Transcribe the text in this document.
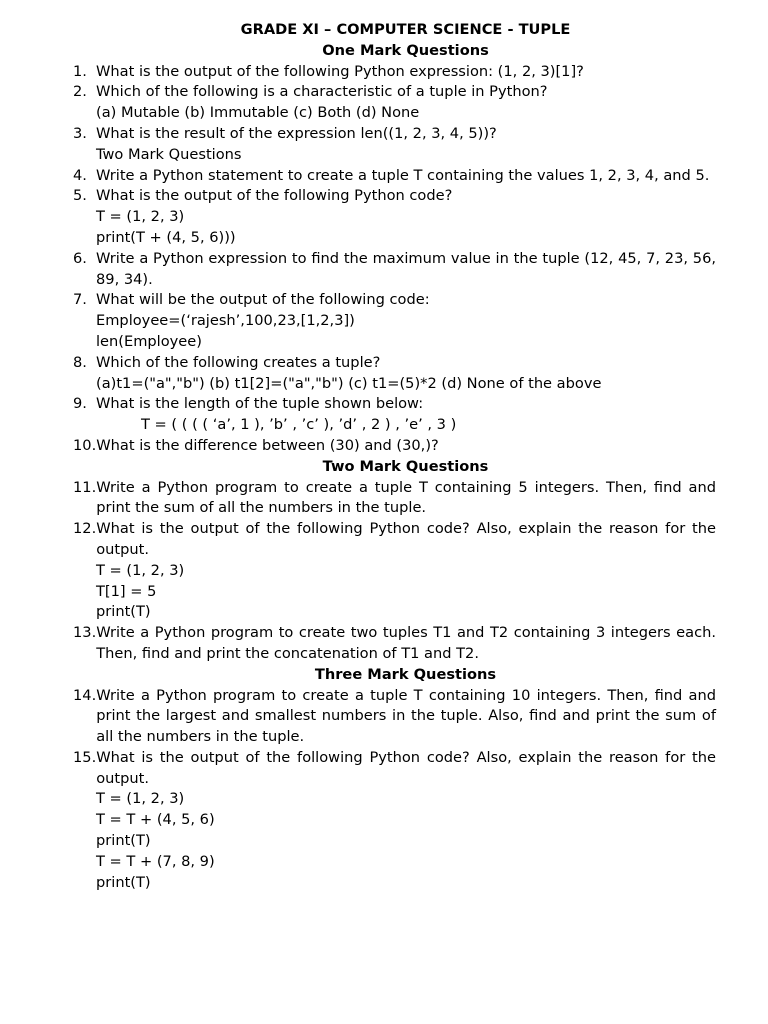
GRADE XI – COMPUTER SCIENCE - TUPLE
One Mark Questions
1. What is the output of the following Python expression: (1, 2, 3)[1]?
2. Which of the following is a characteristic of a tuple in Python?
(a) Mutable (b) Immutable (c) Both (d) None
3. What is the result of the expression len((1, 2, 3, 4, 5))?
Two Mark Questions
4. Write a Python statement to create a tuple T containing the values 1, 2, 3, 4, and 5.
5. What is the output of the following Python code?
T = (1, 2, 3)
print(T + (4, 5, 6)))
6. Write a Python expression to find the maximum value in the tuple (12, 45, 7, 23, 56, 89, 34).
7. What will be the output of the following code:
Employee=(‘rajesh’,100,23,[1,2,3])
len(Employee)
8. Which of the following creates a tuple?
(a)t1=("a","b") (b) t1[2]=("a","b") (c) t1=(5)*2 (d) None of the above
9. What is the length of the tuple shown below:
T = ( ( ( ( ‘a’, 1 ), ’b’ , ’c’ ), ’d’ , 2 ) , ’e’ , 3 )
10. What is the difference between (30) and (30,)?
Two Mark Questions
11. Write a Python program to create a tuple T containing 5 integers. Then, find and print the sum of all the numbers in the tuple.
12. What is the output of the following Python code? Also, explain the reason for the output.
T = (1, 2, 3)
T[1] = 5
print(T)
13. Write a Python program to create two tuples T1 and T2 containing 3 integers each. Then, find and print the concatenation of T1 and T2.
Three Mark Questions
14. Write a Python program to create a tuple T containing 10 integers. Then, find and print the largest and smallest numbers in the tuple. Also, find and print the sum of all the numbers in the tuple.
15. What is the output of the following Python code? Also, explain the reason for the output.
T = (1, 2, 3)
T = T + (4, 5, 6)
print(T)
T = T + (7, 8, 9)
print(T)
